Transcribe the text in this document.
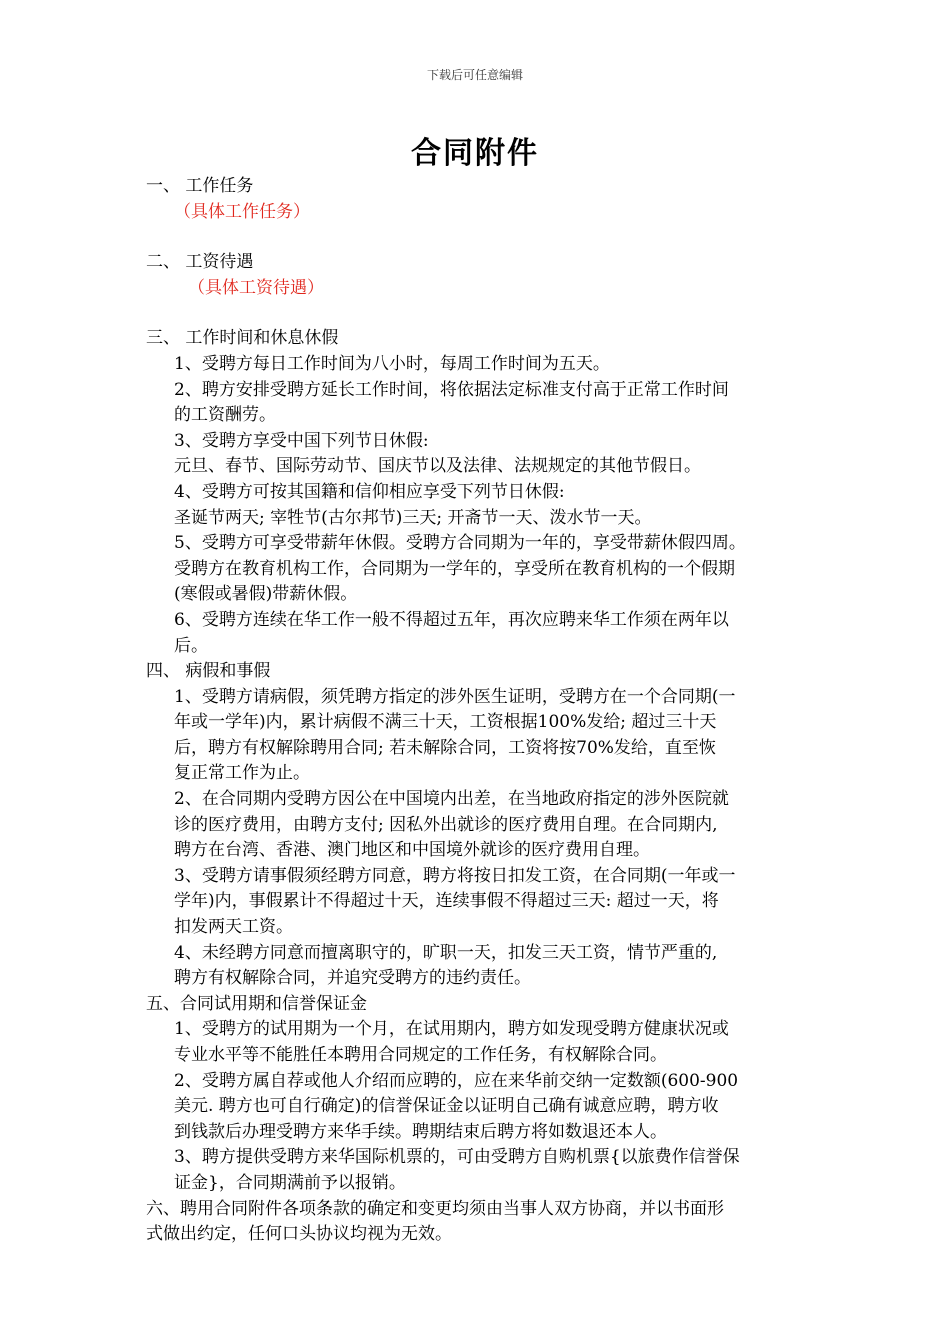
下载后可任意编辑
合同附件
一、 工作任务
（具体工作任务）
二、 工资待遇
（具体工资待遇）
三、 工作时间和休息休假
1、受聘方每日工作时间为八小时，每周工作时间为五天。
2、聘方安排受聘方延长工作时间，将依据法定标准支付高于正常工作时间
的工资酬劳。
3、受聘方享受中国下列节日休假:
元旦、春节、国际劳动节、国庆节以及法律、法规规定的其他节假日。
4、受聘方可按其国籍和信仰相应享受下列节日休假:
圣诞节两天; 宰牲节(古尔邦节)三天; 开斋节一天、泼水节一天。
5、受聘方可享受带薪年休假。受聘方合同期为一年的，享受带薪休假四周。
受聘方在教育机构工作，合同期为一学年的，享受所在教育机构的一个假期
(寒假或暑假)带薪休假。
6、受聘方连续在华工作一般不得超过五年，再次应聘来华工作须在两年以
后。
四、 病假和事假
1、受聘方请病假，须凭聘方指定的涉外医生证明，受聘方在一个合同期(一
年或一学年)内，累计病假不满三十天，工资根据100%发给; 超过三十天
后，聘方有权解除聘用合同; 若未解除合同，工资将按70%发给，直至恢
复正常工作为止。
2、在合同期内受聘方因公在中国境内出差，在当地政府指定的涉外医院就
诊的医疗费用，由聘方支付; 因私外出就诊的医疗费用自理。在合同期内,
聘方在台湾、香港、澳门地区和中国境外就诊的医疗费用自理。
3、受聘方请事假须经聘方同意，聘方将按日扣发工资，在合同期(一年或一
学年)内，事假累计不得超过十天，连续事假不得超过三天: 超过一天，将
扣发两天工资。
4、未经聘方同意而擅离职守的，旷职一天，扣发三天工资，情节严重的,
聘方有权解除合同，并追究受聘方的违约责任。
五、合同试用期和信誉保证金
1、受聘方的试用期为一个月，在试用期内，聘方如发现受聘方健康状况或
专业水平等不能胜任本聘用合同规定的工作任务，有权解除合同。
2、受聘方属自荐或他人介绍而应聘的，应在来华前交纳一定数额(600-900
美元. 聘方也可自行确定)的信誉保证金以证明自己确有诚意应聘，聘方收
到钱款后办理受聘方来华手续。聘期结束后聘方将如数退还本人。
3、聘方提供受聘方来华国际机票的，可由受聘方自购机票{以旅费作信誉保
证金}，合同期满前予以报销。
六、聘用合同附件各项条款的确定和变更均须由当事人双方协商，并以书面形
式做出约定，任何口头协议均视为无效。
